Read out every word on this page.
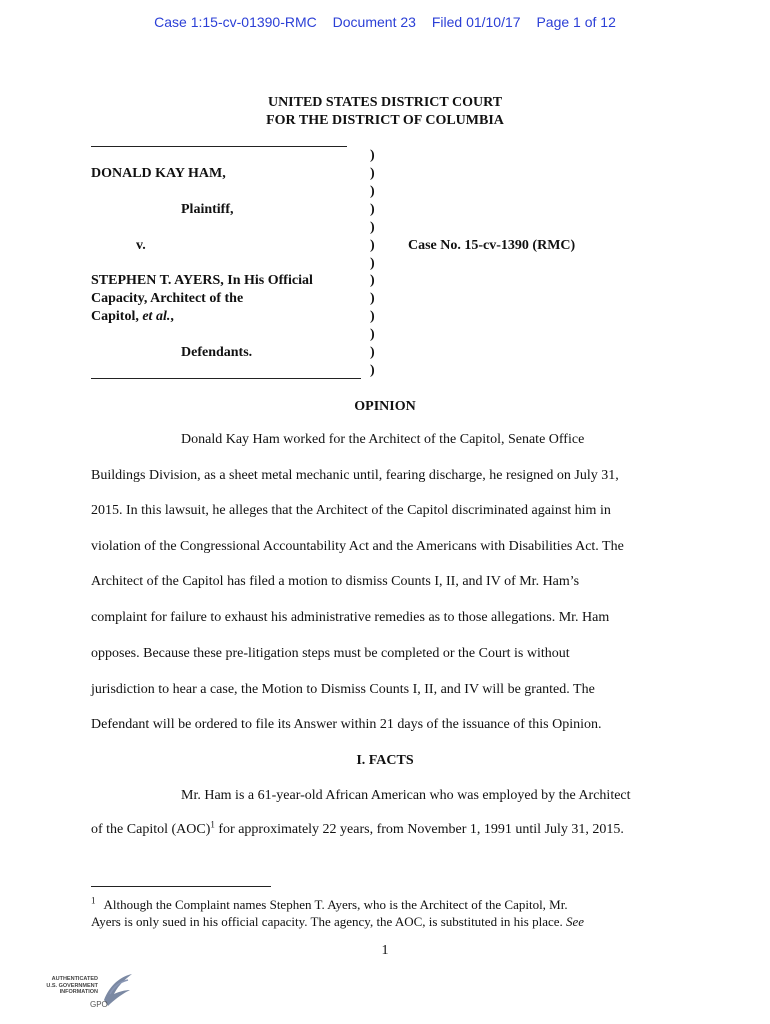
Case 1:15-cv-01390-RMC Document 23 Filed 01/10/17 Page 1 of 12
UNITED STATES DISTRICT COURT
FOR THE DISTRICT OF COLUMBIA
DONALD KAY HAM,
Plaintiff,
v.
STEPHEN T. AYERS, In His Official
Capacity, Architect of the
Capitol, et al.,
Defendants.
)
)
)
)
)
)
)
)
)
)
)
)
)
Case No. 15-cv-1390 (RMC)
OPINION
Donald Kay Ham worked for the Architect of the Capitol, Senate Office
Buildings Division, as a sheet metal mechanic until, fearing discharge, he resigned on July 31,
2015. In this lawsuit, he alleges that the Architect of the Capitol discriminated against him in
violation of the Congressional Accountability Act and the Americans with Disabilities Act. The
Architect of the Capitol has filed a motion to dismiss Counts I, II, and IV of Mr. Ham’s
complaint for failure to exhaust his administrative remedies as to those allegations. Mr. Ham
opposes. Because these pre-litigation steps must be completed or the Court is without
jurisdiction to hear a case, the Motion to Dismiss Counts I, II, and IV will be granted. The
Defendant will be ordered to file its Answer within 21 days of the issuance of this Opinion.
I. FACTS
Mr. Ham is a 61-year-old African American who was employed by the Architect
of the Capitol (AOC)$^1$ for approximately 22 years, from November 1, 1991 until July 31, 2015.
$^1$ Although the Complaint names Stephen T. Ayers, who is the Architect of the Capitol, Mr.
Ayers is only sued in his official capacity. The agency, the AOC, is substituted in his place. See
1
AUTHENTICATED
U.S. GOVERNMENT
INFORMATION
GPO
